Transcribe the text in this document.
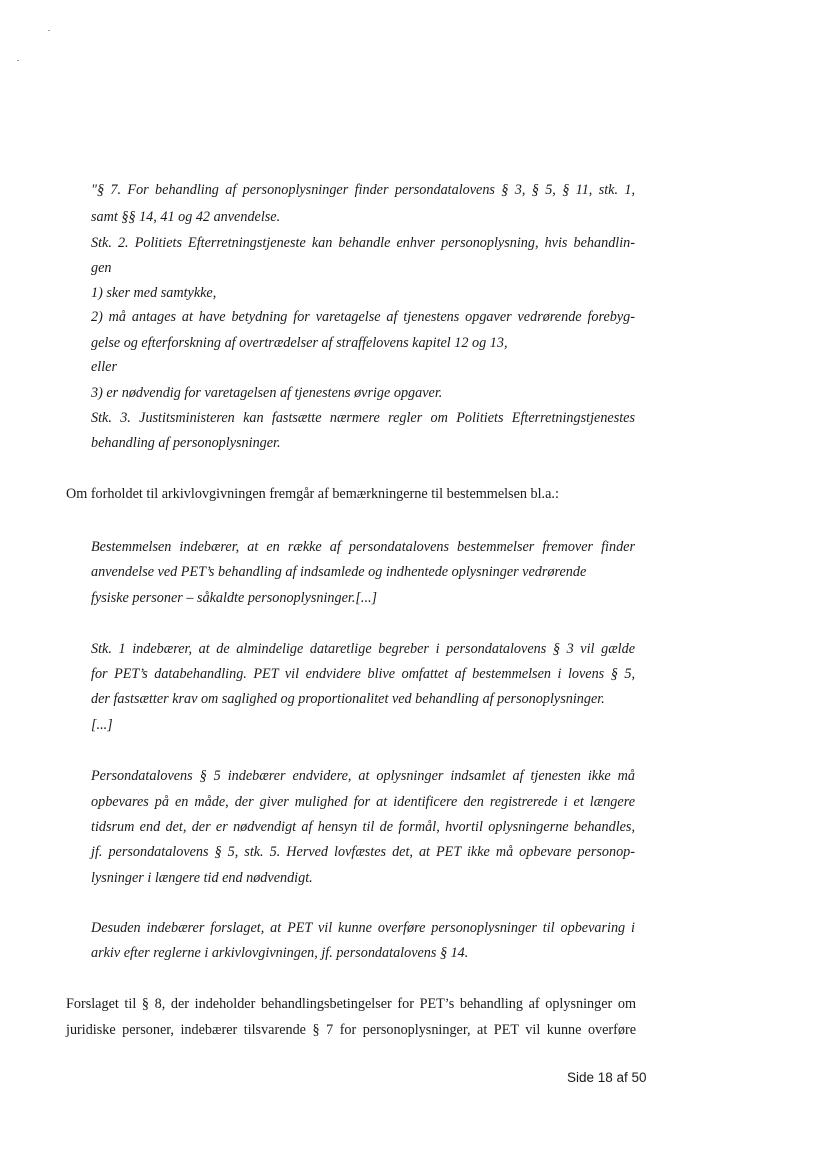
"§ 7. For behandling af personoplysninger finder persondatalovens § 3, § 5, § 11, stk. 1,
samt §§ 14, 41 og 42 anvendelse.
Stk. 2. Politiets Efterretningstjeneste kan behandle enhver personoplysning, hvis behandlin-
gen
1) sker med samtykke,
2) må antages at have betydning for varetagelse af tjenestens opgaver vedrørende forebyg-
gelse og efterforskning af overtrædelser af straffelovens kapitel 12 og 13,
eller
3) er nødvendig for varetagelsen af tjenestens øvrige opgaver.
Stk. 3. Justitsministeren kan fastsætte nærmere regler om Politiets Efterretningstjenestes
behandling af personoplysninger.
Om forholdet til arkivlovgivningen fremgår af bemærkningerne til bestemmelsen bl.a.:
Bestemmelsen indebærer, at en række af persondatalovens bestemmelser fremover finder
anvendelse ved PET’s behandling af indsamlede og indhentede oplysninger vedrørende
fysiske personer – såkaldte personoplysninger.[...]
Stk. 1 indebærer, at de almindelige dataretlige begreber i persondatalovens § 3 vil gælde
for PET’s databehandling. PET vil endvidere blive omfattet af bestemmelsen i lovens § 5,
der fastsætter krav om saglighed og proportionalitet ved behandling af personoplysninger.
[...]
Persondatalovens § 5 indebærer endvidere, at oplysninger indsamlet af tjenesten ikke må
opbevares på en måde, der giver mulighed for at identificere den registrerede i et længere
tidsrum end det, der er nødvendigt af hensyn til de formål, hvortil oplysningerne behandles,
jf. persondatalovens § 5, stk. 5. Herved lovfæstes det, at PET ikke må opbevare personop-
lysninger i længere tid end nødvendigt.
Desuden indebærer forslaget, at PET vil kunne overføre personoplysninger til opbevaring i
arkiv efter reglerne i arkivlovgivningen, jf. persondatalovens § 14.
Forslaget til § 8, der indeholder behandlingsbetingelser for PET’s behandling af oplysninger om
juridiske personer, indebærer tilsvarende § 7 for personoplysninger, at PET vil kunne overføre
Side 18 af 50
